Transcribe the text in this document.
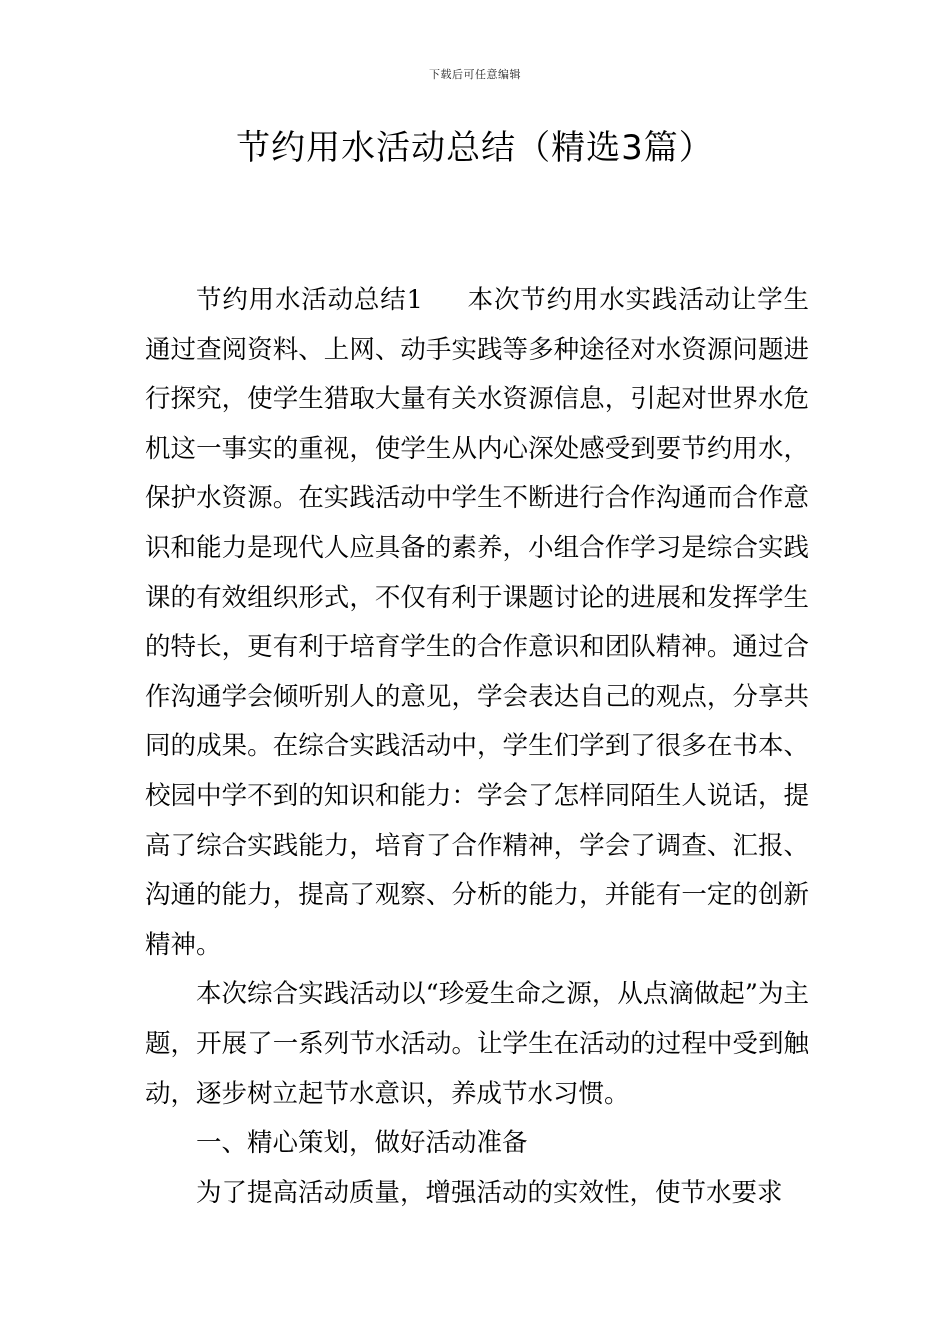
下载后可任意编辑
节约用水活动总结（精选3篇）

节约用水活动总结1 本次节约用水实践活动让学生通过查阅资料、上网、动手实践等多种途径对水资源问题进行探究，使学生猎取大量有关水资源信息，引起对世界水危机这一事实的重视，使学生从内心深处感受到要节约用水，保护水资源。在实践活动中学生不断进行合作沟通而合作意识和能力是现代人应具备的素养，小组合作学习是综合实践课的有效组织形式，不仅有利于课题讨论的进展和发挥学生的特长，更有利于培育学生的合作意识和团队精神。通过合作沟通学会倾听别人的意见，学会表达自己的观点，分享共同的成果。在综合实践活动中，学生们学到了很多在书本、校园中学不到的知识和能力：学会了怎样同陌生人说话，提高了综合实践能力，培育了合作精神，学会了调查、汇报、沟通的能力，提高了观察、分析的能力，并能有一定的创新精神。

本次综合实践活动以“珍爱生命之源，从点滴做起”为主题，开展了一系列节水活动。让学生在活动的过程中受到触动，逐步树立起节水意识，养成节水习惯。

一、精心策划，做好活动准备

为了提高活动质量，增强活动的实效性，使节水要求
